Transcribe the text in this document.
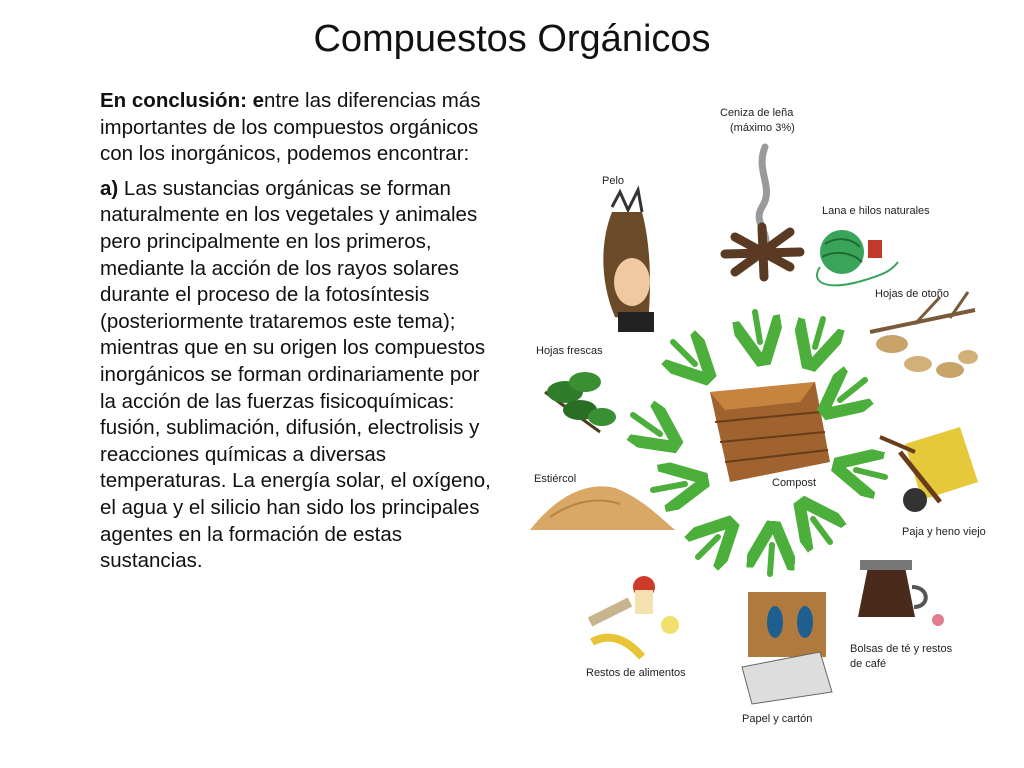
Compuestos Orgánicos

En conclusión: entre las diferencias más importantes de los compuestos orgánicos con los inorgánicos, podemos encontrar:

a) Las sustancias orgánicas se forman naturalmente en los vegetales y animales pero principalmente en los primeros, mediante la acción de los rayos solares durante el proceso de la fotosíntesis (posteriormente trataremos este tema); mientras que en su origen los compuestos inorgánicos se forman ordinariamente por la acción de las fuerzas fisicoquímicas: fusión, sublimación, difusión, electrolisis y reacciones químicas a diversas temperaturas. La energía solar, el oxígeno, el agua y el silicio han sido los principales agentes en la formación de estas sustancias.

Ceniza de leña
(máximo 3%)
Pelo
Lana e hilos naturales
Hojas de otoño
Hojas frescas
Estiércol	Compost
Paja y heno viejo
Bolsas de té y restos
de café
Papel y cartón
Restos de alimentos
